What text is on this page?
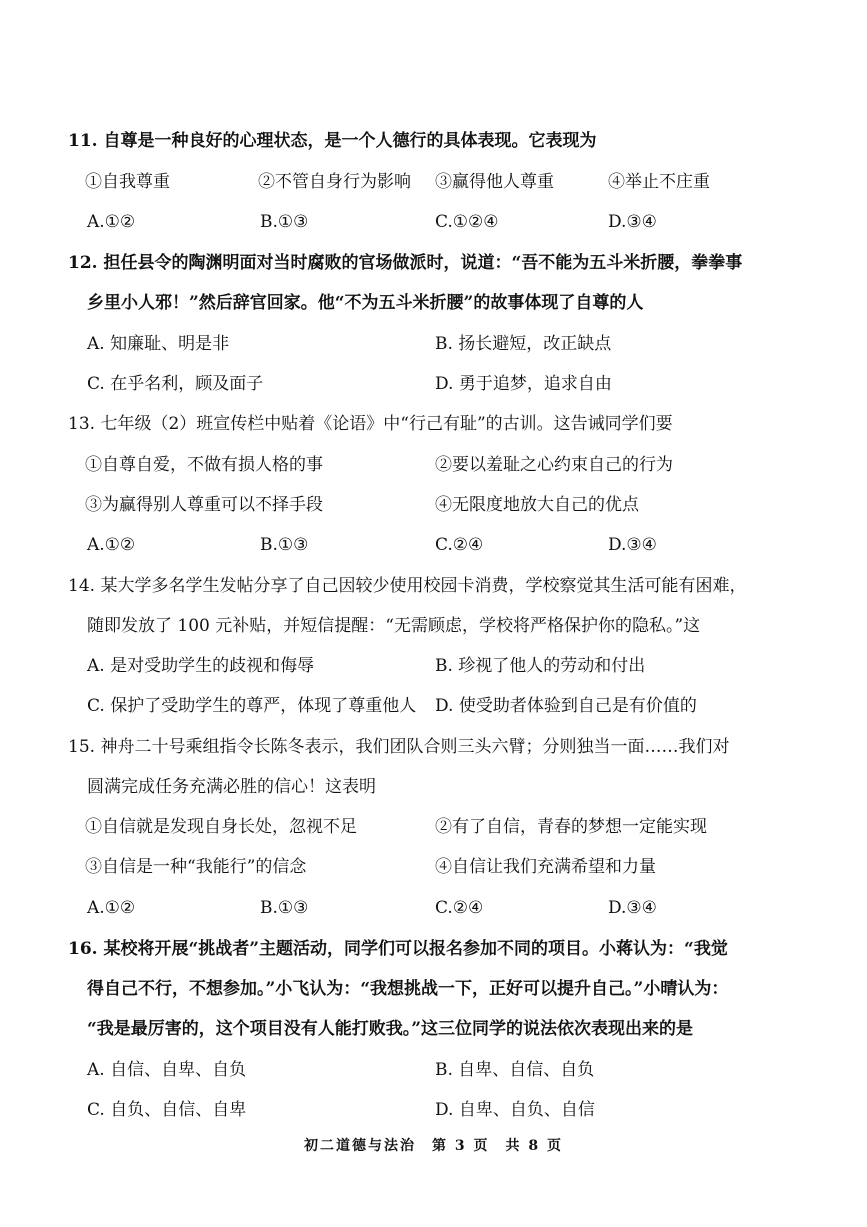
11. 自尊是一种良好的心理状态，是一个人德行的具体表现。它表现为
①自我尊重	②不管自身行为影响 ③赢得他人尊重	④举止不庄重
A.①②	B.①③	C.①②④	D.③④
12. 担任县令的陶渊明面对当时腐败的官场做派时，说道：“吾不能为五斗米折腰，拳拳事
乡里小人邪！”然后辞官回家。他“不为五斗米折腰”的故事体现了自尊的人
A. 知廉耻、明是非	B. 扬长避短，改正缺点
C. 在乎名利，顾及面子	D. 勇于追梦，追求自由
13. 七年级（2）班宣传栏中贴着《论语》中“行己有耻”的古训。这告诫同学们要
①自尊自爱，不做有损人格的事	②要以羞耻之心约束自己的行为
③为赢得别人尊重可以不择手段	④无限度地放大自己的优点
A.①②	B.①③	C.②④	D.③④
14. 某大学多名学生发帖分享了自己因较少使用校园卡消费，学校察觉其生活可能有困难，
随即发放了 100 元补贴，并短信提醒：“无需顾虑，学校将严格保护你的隐私。”这
A. 是对受助学生的歧视和侮辱	B. 珍视了他人的劳动和付出
C. 保护了受助学生的尊严，体现了尊重他人 D. 使受助者体验到自己是有价值的
15. 神舟二十号乘组指令长陈冬表示，我们团队合则三头六臂；分则独当一面……我们对
圆满完成任务充满必胜的信心！这表明
①自信就是发现自身长处，忽视不足	②有了自信，青春的梦想一定能实现
③自信是一种“我能行”的信念	④自信让我们充满希望和力量
A.①②	B.①③	C.②④	D.③④
16. 某校将开展“挑战者”主题活动，同学们可以报名参加不同的项目。小蒋认为：“我觉
得自己不行，不想参加。”小飞认为：“我想挑战一下，正好可以提升自己。”小晴认为：
“我是最厉害的，这个项目没有人能打败我。”这三位同学的说法依次表现出来的是
A. 自信、自卑、自负	B. 自卑、自信、自负
C. 自负、自信、自卑	D. 自卑、自负、自信
初二道德与法治　第 3 页　共 8 页
